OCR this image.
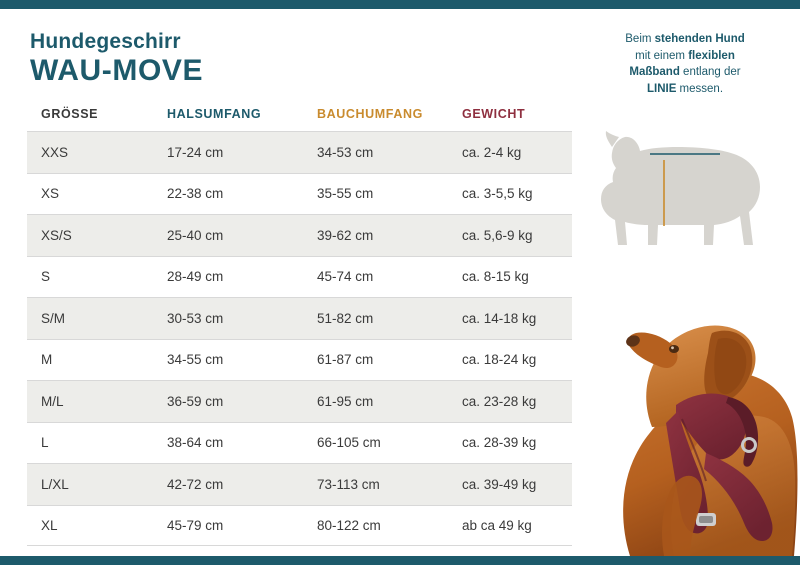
Hundegeschirr
WAU-MOVE
GRÖSSE	HALSUMFANG	BAUCHUMFANG	GEWICHT
XXS	17-24 cm	34-53 cm	ca. 2-4 kg
XS	22-38 cm	35-55 cm	ca. 3-5,5 kg
XS/S	25-40 cm	39-62 cm	ca. 5,6-9 kg
S	28-49 cm	45-74 cm	ca. 8-15 kg
S/M	30-53 cm	51-82 cm	ca. 14-18 kg
M	34-55 cm	61-87 cm	ca. 18-24 kg
M/L	36-59 cm	61-95 cm	ca. 23-28 kg
L	38-64 cm	66-105 cm	ca. 28-39 kg
L/XL	42-72 cm	73-113 cm	ca. 39-49 kg
XL	45-79 cm	80-122 cm	ab ca 49 kg
Beim stehenden Hund
mit einem flexiblen
Maßband entlang der
LINIE messen.
